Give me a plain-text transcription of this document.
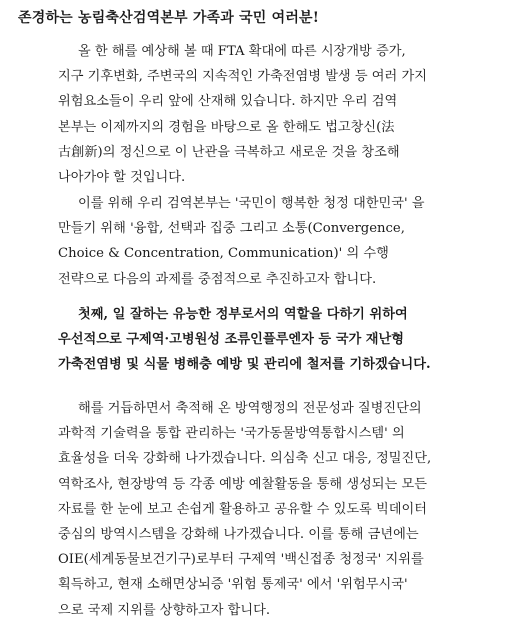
존경하는 농림축산검역본부 가족과 국민 여러분!
올 한 해를 예상해 볼 때 FTA 확대에 따른 시장개방 증가,
지구 기후변화, 주변국의 지속적인 가축전염병 발생 등 여러 가지
위험요소들이 우리 앞에 산재해 있습니다. 하지만 우리 검역
본부는 이제까지의 경험을 바탕으로 올 한해도 법고창신(法
古創新)의 정신으로 이 난관을 극복하고 새로운 것을 창조해
나아가야 할 것입니다.
이를 위해 우리 검역본부는 '국민이 행복한 청정 대한민국' 을
만들기 위해 '융합, 선택과 집중 그리고 소통(Convergence,
Choice & Concentration, Communication)' 의 수행
전략으로 다음의 과제를 중점적으로 추진하고자 합니다.
첫째, 일 잘하는 유능한 정부로서의 역할을 다하기 위하여
우선적으로 구제역·고병원성 조류인플루엔자 등 국가 재난형
가축전염병 및 식물 병해충 예방 및 관리에 철저를 기하겠습니다.
해를 거듭하면서 축적해 온 방역행정의 전문성과 질병진단의
과학적 기술력을 통합 관리하는 '국가동물방역통합시스템' 의
효율성을 더욱 강화해 나가겠습니다. 의심축 신고 대응, 정밀진단,
역학조사, 현장방역 등 각종 예방 예찰활동을 통해 생성되는 모든
자료를 한 눈에 보고 손쉽게 활용하고 공유할 수 있도록 빅데이터
중심의 방역시스템을 강화해 나가겠습니다. 이를 통해 금년에는
OIE(세계동물보건기구)로부터 구제역 '백신접종 청정국' 지위를
획득하고, 현재 소해면상뇌증 '위험 통제국' 에서 '위험무시국'
으로 국제 지위를 상향하고자 합니다.
